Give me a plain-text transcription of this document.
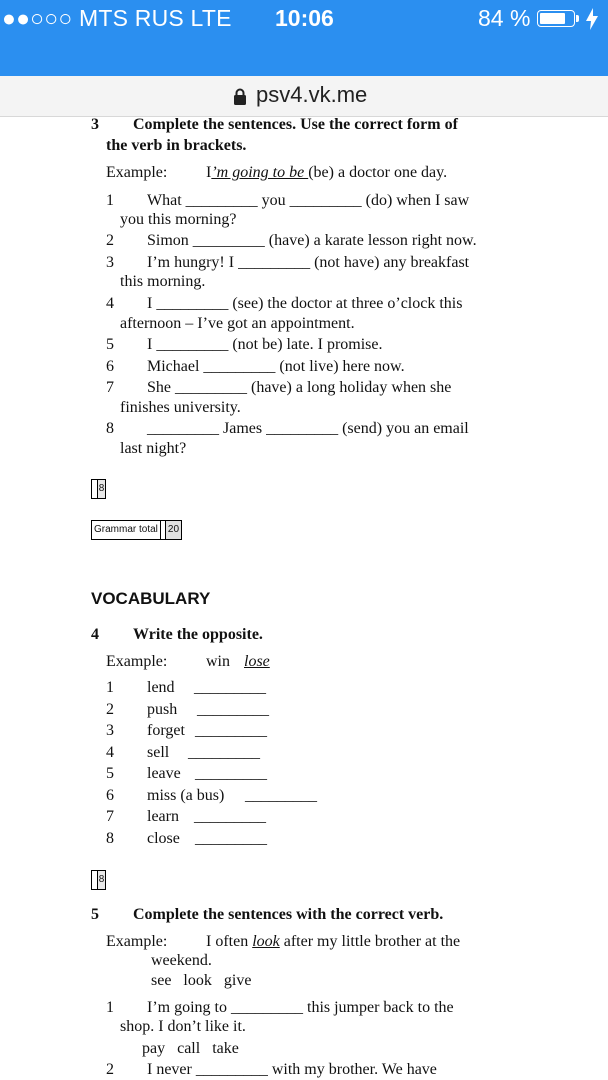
●●○○○ MTS RUS LTE 10:06	84 %
psv4.vk.me
3 Complete the sentences. Use the correct form of
the verb in brackets.
Example: I’m going to be (be) a doctor one day.
1 What _________ you _________ (do) when I saw
you this morning?
2 Simon _________ (have) a karate lesson right now.
3 I’m hungry! I _________ (not have) any breakfast
this morning.
4 I _________ (see) the doctor at three o’clock this
afternoon – I’ve got an appointment.
5 I _________ (not be) late. I promise.
6 Michael _________ (not live) here now.
7 She _________ (have) a long holiday when she
finishes university.
8 _________ James _________ (send) you an email
last night?
8
Grammar total 20
VOCABULARY
4 Write the opposite.
Example: win lose
1 lend _________
2 push _________
3 forget _________
4 sell _________
5 leave _________
6 miss (a bus) _________
7 learn _________
8 close _________
8
5 Complete the sentences with the correct verb.
Example: I often look after my little brother at the
weekend.
see   look   give
1 I’m going to _________ this jumper back to the
shop. I don’t like it.
pay   call   take
2 I never _________ with my brother. We have
